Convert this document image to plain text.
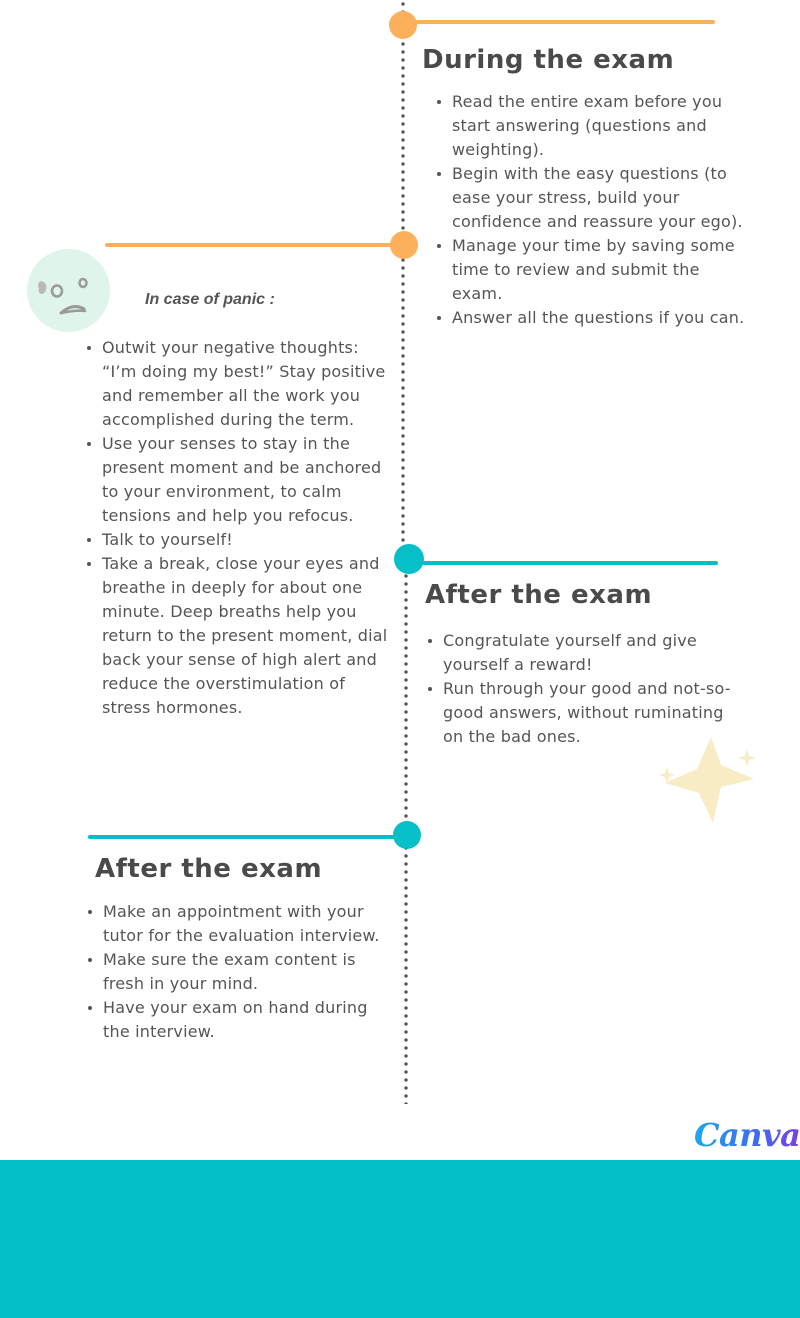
During the exam
Read the entire exam before you start answering (questions and weighting).
Begin with the easy questions (to ease your stress, build your confidence and reassure your ego).
Manage your time by saving some time to review and submit the exam.
Answer all the questions if you can.
In case of panic :
Outwit your negative thoughts: “I’m doing my best!” Stay positive and remember all the work you accomplished during the term.
Use your senses to stay in the present moment and be anchored to your environment, to calm tensions and help you refocus.
Talk to yourself!
Take a break, close your eyes and breathe in deeply for about one minute. Deep breaths help you return to the present moment, dial back your sense of high alert and reduce the overstimulation of stress hormones.
After the exam
Congratulate yourself and give yourself a reward!
Run through your good and not-so-good answers, without ruminating on the bad ones.
After the exam
Make an appointment with your tutor for the evaluation interview.
Make sure the exam content is fresh in your mind.
Have your exam on hand during the interview.
Canva
